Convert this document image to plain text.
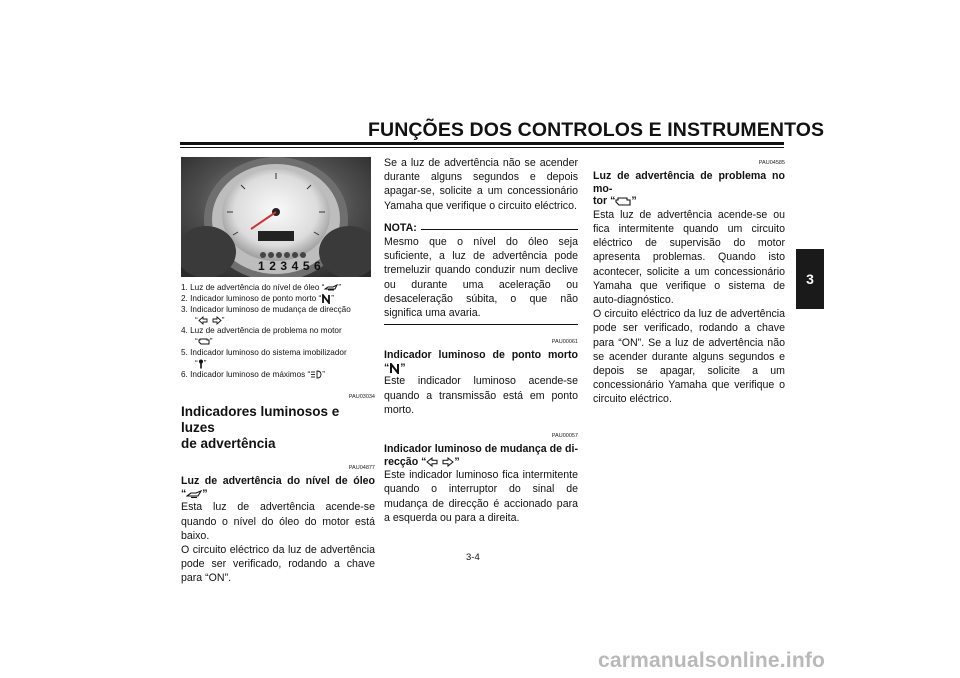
FUNÇÕES DOS CONTROLOS E INSTRUMENTOS
3
1 2 3 4 5 6

1. Luz de advertência do nível de óleo “ ”

2. Indicador luminoso de ponto morto “ ”

3. Indicador luminoso de mudança de direcção

“	”

4. Luz de advertência de problema no motor

“ ”

5. Indicador luminoso do sistema imobilizador

“ ”

6. Indicador luminoso de máximos “ ”

PAU03034
Indicadores luminosos e luzes
de advertência
PAU04877
Luz de advertência do nível de óleo
“ ”

Esta luz de advertência acende-se quando o nível do óleo do motor está baixo.

O circuito eléctrico da luz de advertência pode ser verificado, rodando a chave para “ON”.

Se a luz de advertência não se acender durante alguns segundos e depois apagar-se, solicite a um concessionário Yamaha que verifique o circuito eléctrico.

NOTA:

Mesmo que o nível do óleo seja suficiente, a luz de advertência pode tremeluzir quando conduzir num declive ou durante uma aceleração ou desaceleração súbita, o que não significa uma avaria.

PAU00061
Indicador luminoso de ponto morto
“ ”

Este indicador luminoso acende-se quando a transmissão está em ponto morto.

PAU00057
Indicador luminoso de mudança de di-
recção “	”

Este indicador luminoso fica intermitente quando o interruptor do sinal de mudança de direcção é accionado para a esquerda ou para a direita.

PAU04585
Luz de advertência de problema no mo-
tor “ ”

Esta luz de advertência acende-se ou fica intermitente quando um circuito eléctrico de supervisão do motor apresenta problemas. Quando isto acontecer, solicite a um concessionário Yamaha que verifique o sistema de auto-diagnóstico.

O circuito eléctrico da luz de advertência pode ser verificado, rodando a chave para “ON”. Se a luz de advertência não se acender durante alguns segundos e depois se apagar, solicite a um concessionário Yamaha que verifique o circuito eléctrico.

3-4
carmanualsonline.info
